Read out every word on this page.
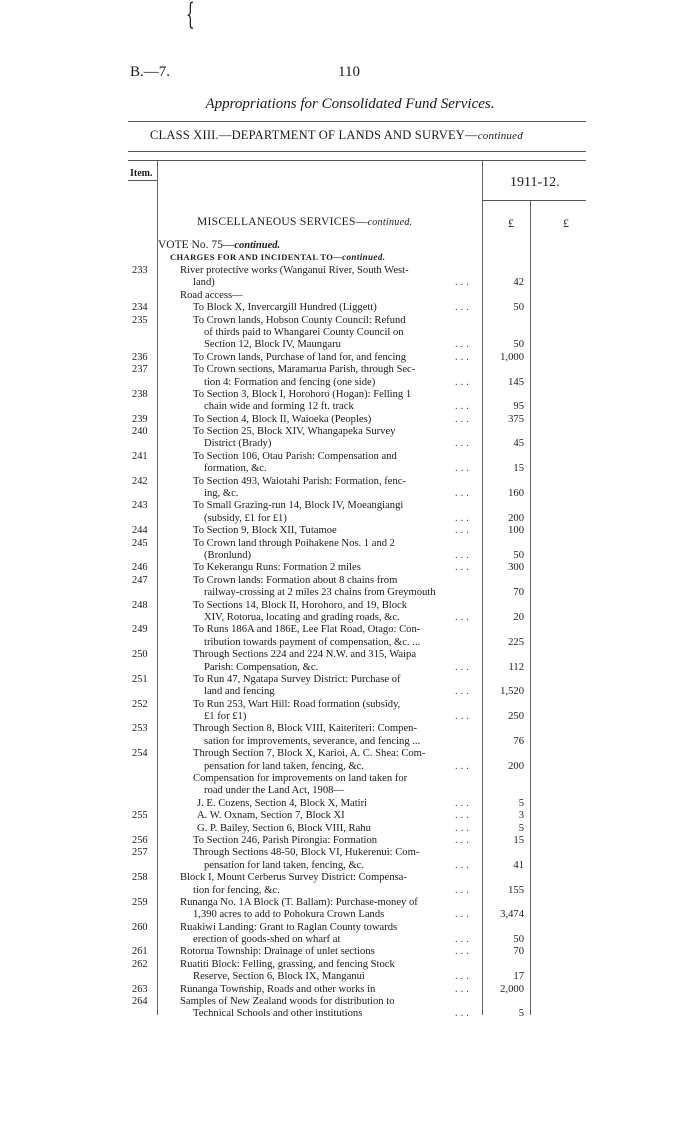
B.—7.	110
Appropriations for Consolidated Fund Services.
CLASS XIII.—DEPARTMENT OF LANDS AND SURVEY—continued
Item.
1911-12.
MISCELLANEOUS SERVICES—continued.	£	£
VOTE No. 75—continued.
CHARGES FOR AND INCIDENTAL TO—continued.
233	River protective works (Wanganui River, South West-
land)	...	42
Road access—
234	To Block X, Invercargill Hundred (Liggett)	...	50
235	To Crown lands, Hobson County Council: Refund
of thirds paid to Whangarei County Council on
Section 12, Block IV, Maungaru	...	50
236	To Crown lands, Purchase of land for, and fencing	...	1,000
237	To Crown sections, Maramarua Parish, through Sec-
tion 4: Formation and fencing (one side)	...	145
238	To Section 3, Block I, Horohoro (Hogan): Felling 1
chain wide and forming 12 ft. track	...	95
239	To Section 4, Block II, Waioeka (Peoples)	...	375
240	To Section 25, Block XIV, Whangapeka Survey
District (Brady)	...	45
241	To Section 106, Otau Parish: Compensation and
formation, &c.	...	15
242	To Section 493, Waiotahi Parish: Formation, fenc-
ing, &c.	...	160
243	To Small Grazing-run 14, Block IV, Moeangiangi
(subsidy, £1 for £1)	...	200
244	To Section 9, Block XII, Tutamoe	...	100
245	To Crown land through Poihakene Nos. 1 and 2
(Bronlund)	...	50
246	To Kekerangu Runs: Formation 2 miles	...	300
247	To Crown lands: Formation about 8 chains from
railway-crossing at 2 miles 23 chains from Greymouth	70
248	To Sections 14, Block II, Horohoro, and 19, Block
XIV, Rotorua, locating and grading roads, &c.	...	20
249	To Runs 186A and 186E, Lee Flat Road, Otago: Con-
tribution towards payment of compensation, &c. ...	225
250	Through Sections 224 and 224 N.W. and 315, Waipa
Parish: Compensation, &c.	...	112
251	To Run 47, Ngatapa Survey District: Purchase of
land and fencing	...	1,520
252	To Run 253, Wart Hill: Road formation (subsidy,
£1 for £1)	...	250
253	Through Section 8, Block VIII, Kaiteriteri: Compen-
sation for improvements, severance, and fencing ...	76
254	Through Section 7, Block X, Karioi, A. C. Shea: Com-
pensation for land taken, fencing, &c.	...	200
Compensation for improvements on land taken for
road under the Land Act, 1908—
J. E. Cozens, Section 4, Block X, Matiri	...	5
255	A. W. Oxnam, Section 7, Block XI	...	3
G. P. Bailey, Section 6, Block VIII, Rahu	...	5
256	To Section 246, Parish Pirongia: Formation	...	15
257	Through Sections 48-50, Block VI, Hukerenui: Com-
pensation for land taken, fencing, &c.	...	41
258	Block I, Mount Cerberus Survey District: Compensa-
tion for fencing, &c.	...	155
259	Runanga No. 1A Block (T. Ballam): Purchase-money of
1,390 acres to add to Pohokura Crown Lands	...	3,474
260	Ruakiwi Landing: Grant to Raglan County towards
erection of goods-shed on wharf at	...	50
261	Rotorua Township: Drainage of unlet sections	...	70
262	Ruatiti Block: Felling, grassing, and fencing Stock
Reserve, Section 6, Block IX, Manganui	...	17
263	Runanga Township, Roads and other works in	...	2,000
264	Samples of New Zealand woods for distribution to
Technical Schools and other institutions	...	5
{
